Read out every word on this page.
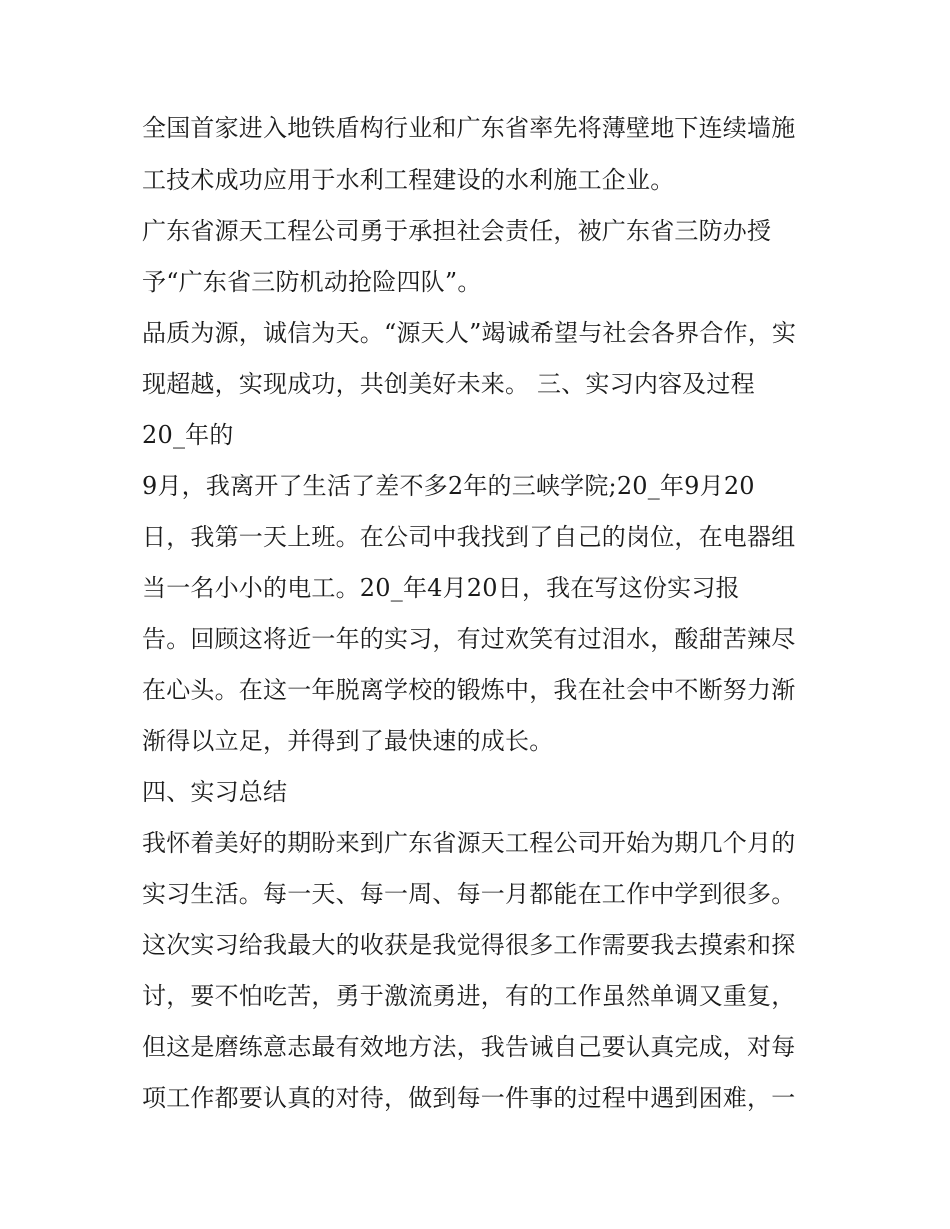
全国首家进入地铁盾构行业和广东省率先将薄壁地下连续墙施
工技术成功应用于水利工程建设的水利施工企业。
广东省源天工程公司勇于承担社会责任，被广东省三防办授
予“广东省三防机动抢险四队”。
品质为源，诚信为天。“源天人”竭诚希望与社会各界合作，实
现超越，实现成功，共创美好未来。 三、实习内容及过程
20_年的
9月，我离开了生活了差不多2年的三峡学院;20_年9月20
日，我第一天上班。在公司中我找到了自己的岗位，在电器组
当一名小小的电工。20_年4月20日，我在写这份实习报
告。回顾这将近一年的实习，有过欢笑有过泪水，酸甜苦辣尽
在心头。在这一年脱离学校的锻炼中，我在社会中不断努力渐
渐得以立足，并得到了最快速的成长。
四、实习总结
我怀着美好的期盼来到广东省源天工程公司开始为期几个月的
实习生活。每一天、每一周、每一月都能在工作中学到很多。
这次实习给我最大的收获是我觉得很多工作需要我去摸索和探
讨，要不怕吃苦，勇于激流勇进，有的工作虽然单调又重复，
但这是磨练意志最有效地方法，我告诫自己要认真完成，对每
项工作都要认真的对待，做到每一件事的过程中遇到困难，一
